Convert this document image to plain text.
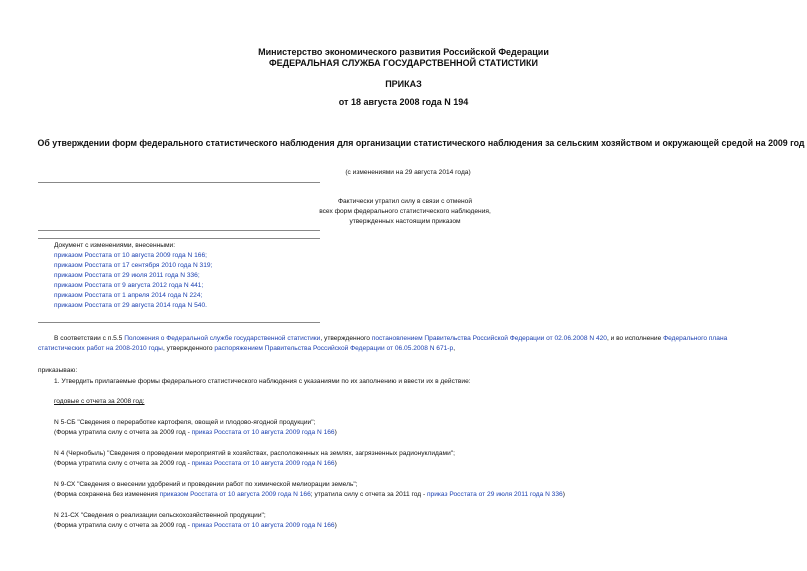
Министерство экономического развития Российской Федерации
ФЕДЕРАЛЬНАЯ СЛУЖБА ГОСУДАРСТВЕННОЙ СТАТИСТИКИ
ПРИКАЗ
от 18 августа 2008 года N 194
Об утверждении форм федерального статистического наблюдения для организации статистического наблюдения за сельским хозяйством и окружающей средой на 2009 год
(с изменениями на 29 августа 2014 года)
Фактически утратил силу в связи с отменой
всех форм федерального статистического наблюдения,
утвержденных настоящим приказом
Документ с изменениями, внесенными:
приказом Росстата от 10 августа 2009 года N 166;
приказом Росстата от 17 сентября 2010 года N 319;
приказом Росстата от 29 июля 2011 года N 336;
приказом Росстата от 9 августа 2012 года N 441;
приказом Росстата от 1 апреля 2014 года N 224;
приказом Росстата от 29 августа 2014 года N 540.
В соответствии с п.5.5 Положения о Федеральной службе государственной статистики, утвержденного постановлением Правительства Российской Федерации от 02.06.2008 N 420, и во исполнение Федерального плана статистических работ на 2008-2010 годы, утвержденного распоряжением Правительства Российской Федерации от 06.05.2008 N 671-р,
приказываю:
1. Утвердить прилагаемые формы федерального статистического наблюдения с указаниями по их заполнению и ввести их в действие:
годовые с отчета за 2008 год:
N 5-СБ "Сведения о переработке картофеля, овощей и плодово-ягодной продукции";
(Форма утратила силу с отчета за 2009 год - приказ Росстата от 10 августа 2009 года N 166)
N 4 (Чернобыль) "Сведения о проведении мероприятий в хозяйствах, расположенных на землях, загрязненных радионуклидами";
(Форма утратила силу с отчета за 2009 год - приказ Росстата от 10 августа 2009 года N 166)
N 9-СХ "Сведения о внесении удобрений и проведении работ по химической мелиорации земель";
(Форма сохранена без изменения приказом Росстата от 10 августа 2009 года N 166; утратила силу с отчета за 2011 год - приказ Росстата от 29 июля 2011 года N 336)
N 21-СХ "Сведения о реализации сельскохозяйственной продукции";
(Форма утратила силу с отчета за 2009 год - приказ Росстата от 10 августа 2009 года N 166)
